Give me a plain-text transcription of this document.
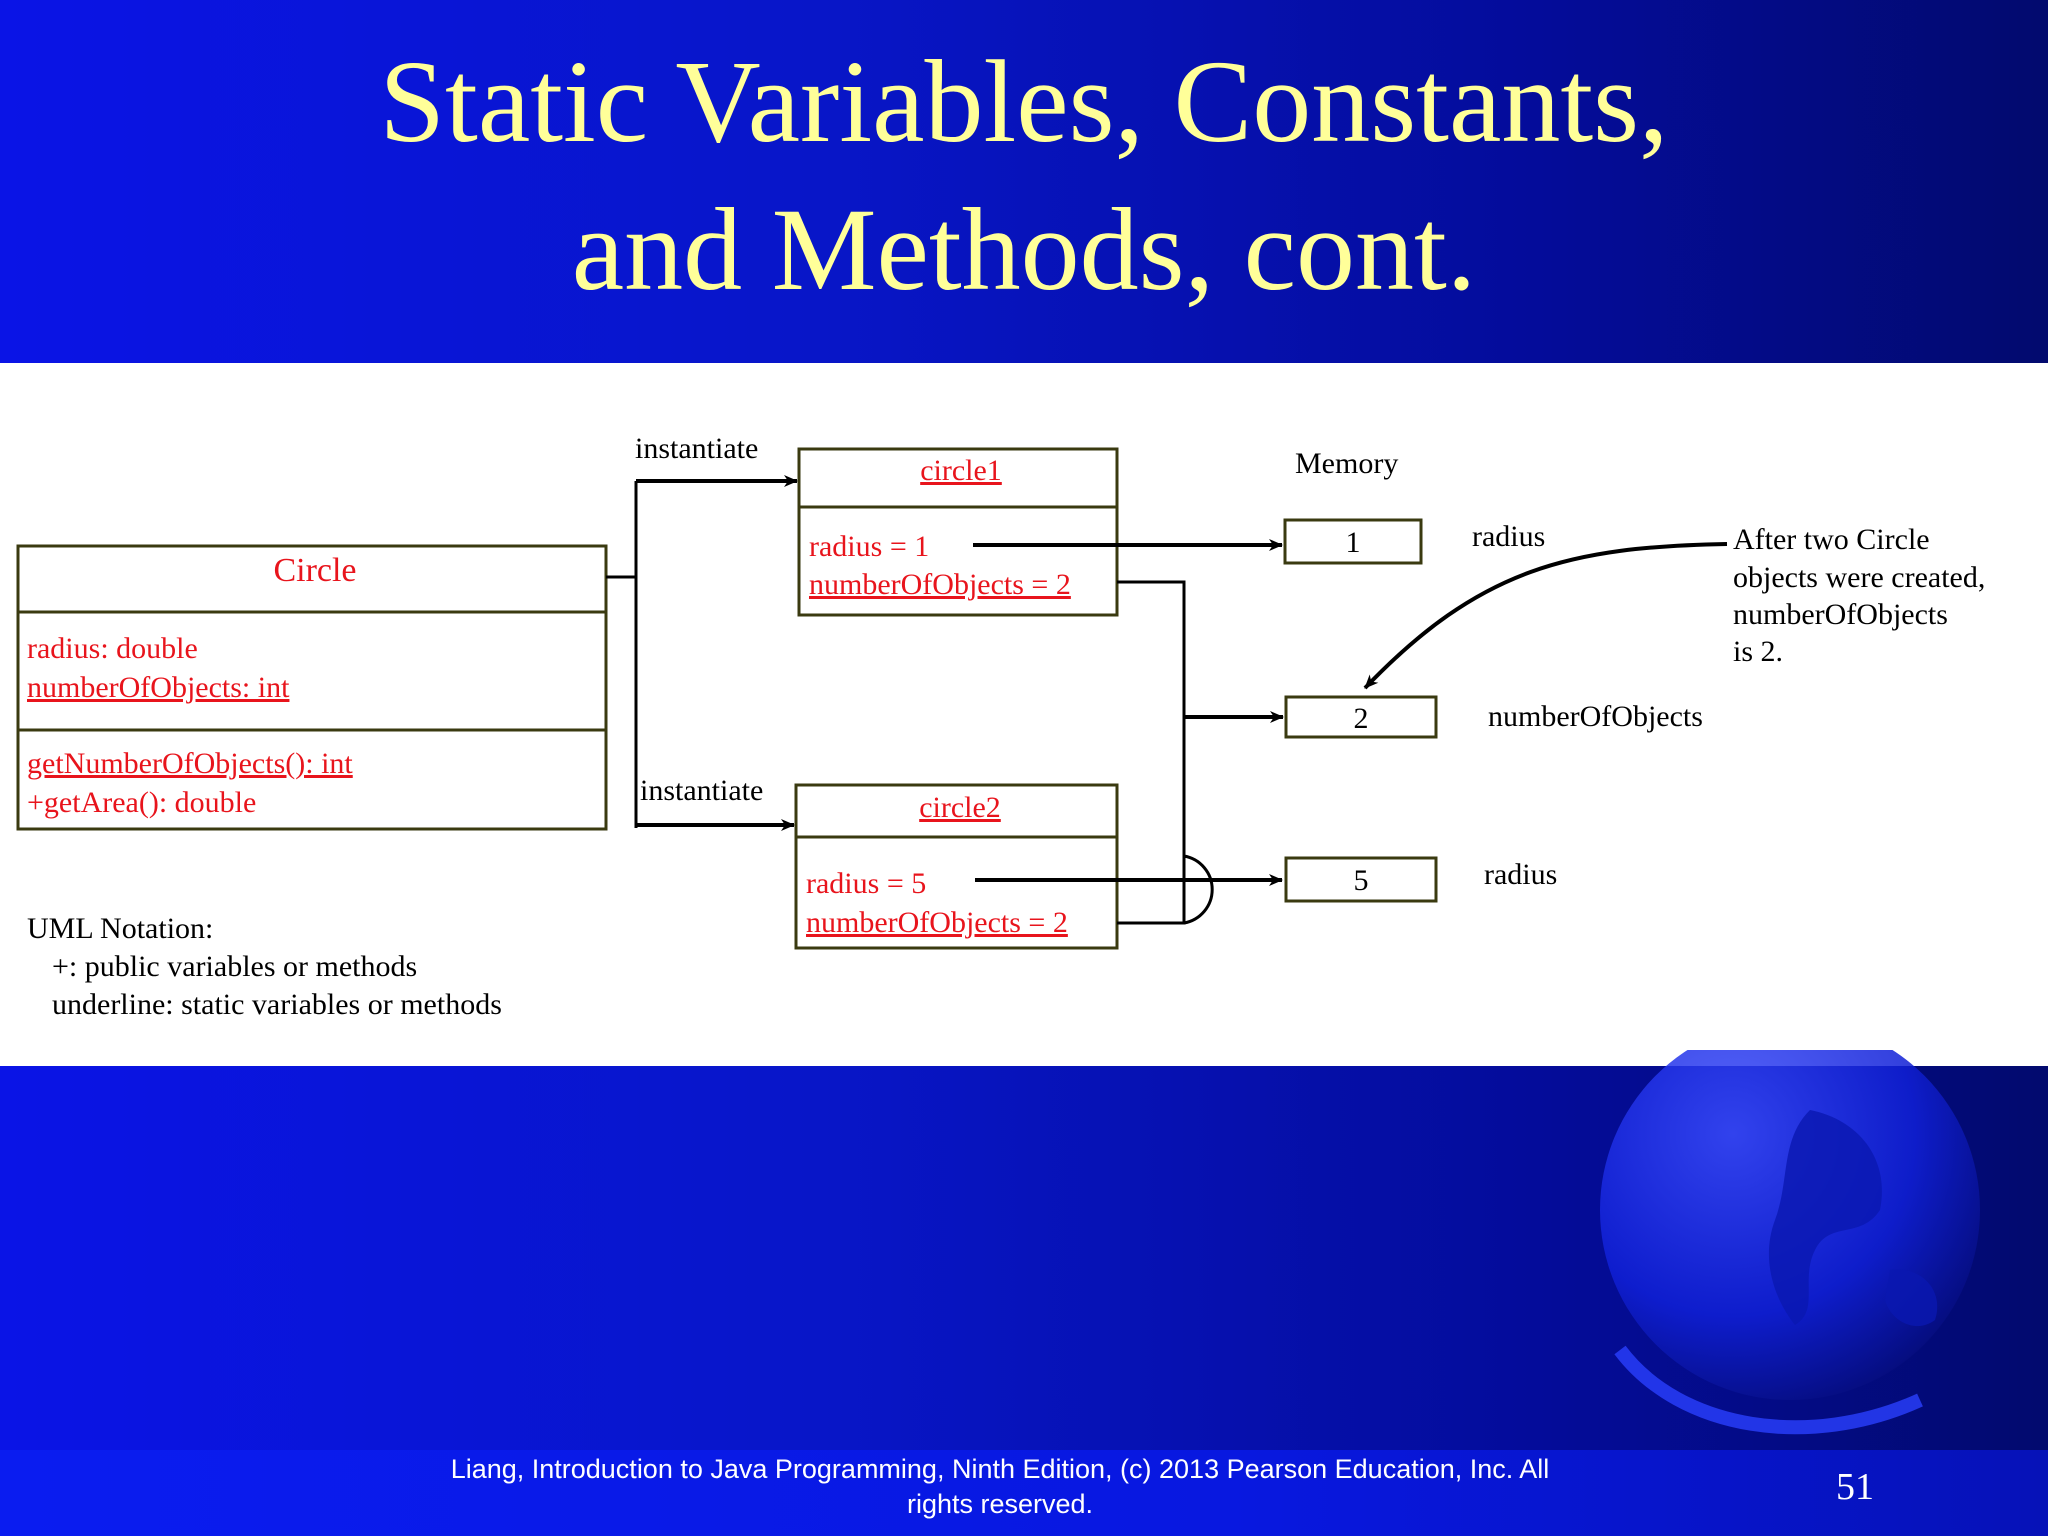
Static Variables, Constants,
and Methods, cont.
Circle
radius: double
numberOfObjects: int
getNumberOfObjects(): int
+getArea(): double
instantiate
instantiate
circle1
radius = 1
numberOfObjects = 2
circle2
radius = 5
numberOfObjects = 2
Memory
1	radius
2	numberOfObjects
5	radius
After two Circle
objects were created,
numberOfObjects
is 2.
UML Notation:
+: public variables or methods
underline: static variables or methods
Liang, Introduction to Java Programming, Ninth Edition, (c) 2013 Pearson Education, Inc. All
rights reserved.	51
